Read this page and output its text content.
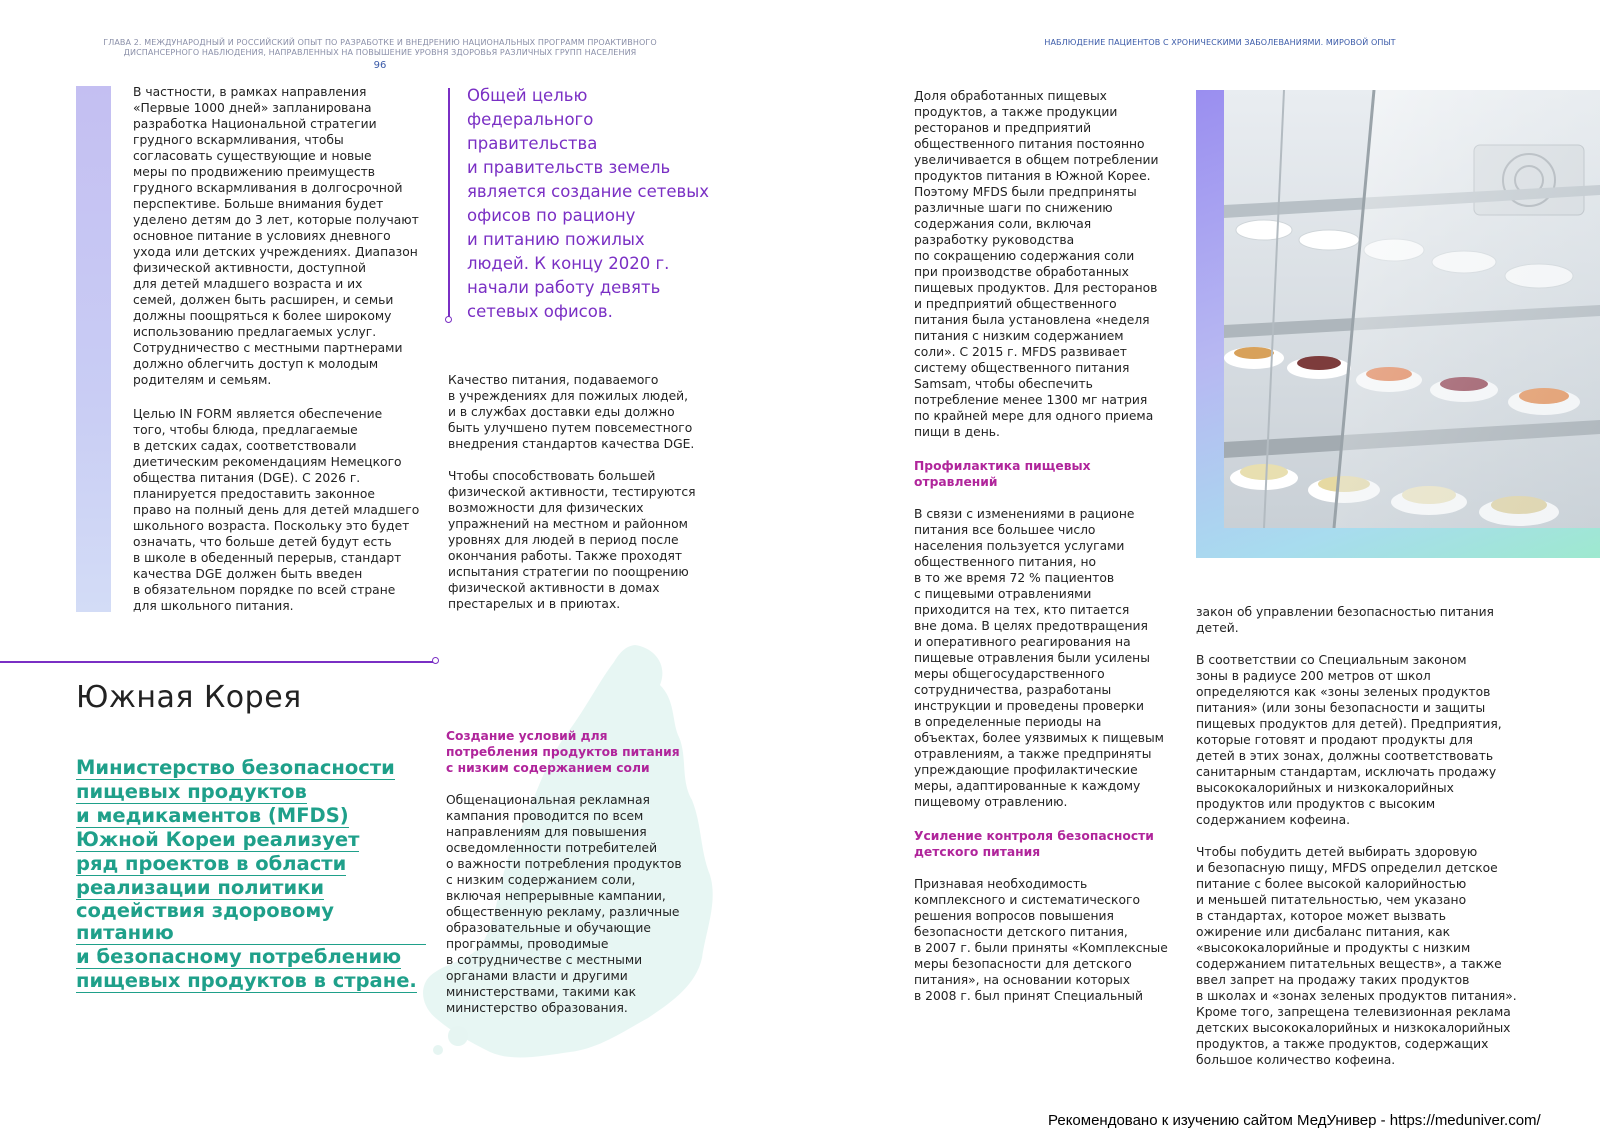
ГЛАВА 2. МЕЖДУНАРОДНЫЙ И РОССИЙСКИЙ ОПЫТ ПО РАЗРАБОТКЕ И ВНЕДРЕНИЮ НАЦИОНАЛЬНЫХ ПРОГРАММ ПРОАКТИВНОГО ДИСПАНСЕРНОГО НАБЛЮДЕНИЯ, НАПРАВЛЕННЫХ НА ПОВЫШЕНИЕ УРОВНЯ ЗДОРОВЬЯ РАЗЛИЧНЫХ ГРУПП НАСЕЛЕНИЯ
96

В частности, в рамках направления
«Первые 1000 дней» запланирована
разработка Национальной стратегии
грудного вскармливания, чтобы
согласовать существующие и новые
меры по продвижению преимуществ
грудного вскармливания в долгосрочной
перспективе. Больше внимания будет
уделено детям до 3 лет, которые получают
основное питание в условиях дневного
ухода или детских учреждениях. Диапазон
физической активности, доступной
для детей младшего возраста и их
семей, должен быть расширен, и семьи
должны поощряться к более широкому
использованию предлагаемых услуг.
Сотрудничество с местными партнерами
должно облегчить доступ к молодым
родителям и семьям.

Целью IN FORM является обеспечение
того, чтобы блюда, предлагаемые
в детских садах, соответствовали
диетическим рекомендациям Немецкого
общества питания (DGE). С 2026 г.
планируется предоставить законное
право на полный день для детей младшего
школьного возраста. Поскольку это будет
означать, что больше детей будут есть
в школе в обеденный перерыв, стандарт
качества DGE должен быть введен
в обязательном порядке по всей стране
для школьного питания.

Общей целью
федерального
правительства
и правительств земель
является создание сетевых
офисов по рациону
и питанию пожилых
людей. К концу 2020 г.
начали работу девять
сетевых офисов.

Качество питания, подаваемого
в учреждениях для пожилых людей,
и в службах доставки еды должно
быть улучшено путем повсеместного
внедрения стандартов качества DGE.

Чтобы способствовать большей
физической активности, тестируются
возможности для физических
упражнений на местном и районном
уровнях для людей в период после
окончания работы. Также проходят
испытания стратегии по поощрению
физической активности в домах
престарелых и в приютах.

Южная Корея

Министерство безопасности

пищевых продуктов

и медикаментов (MFDS)

Южной Кореи реализует

ряд проектов в области

реализации политики

содействия здоровому питанию

и безопасному потреблению

пищевых продуктов в стране.

Создание условий для
потребления продуктов питания
с низким содержанием соли

Общенациональная рекламная
кампания проводится по всем
направлениям для повышения
осведомленности потребителей
о важности потребления продуктов
с низким содержанием соли,
включая непрерывные кампании,
общественную рекламу, различные
образовательные и обучающие
программы, проводимые
в сотрудничестве с местными
органами власти и другими
министерствами, такими как
министерство образования.

НАБЛЮДЕНИЕ ПАЦИЕНТОВ С ХРОНИЧЕСКИМИ ЗАБОЛЕВАНИЯМИ. МИРОВОЙ ОПЫТ

Доля обработанных пищевых
продуктов, а также продукции
ресторанов и предприятий
общественного питания постоянно
увеличивается в общем потреблении
продуктов питания в Южной Корее.
Поэтому MFDS были предприняты
различные шаги по снижению
содержания соли, включая
разработку руководства
по сокращению содержания соли
при производстве обработанных
пищевых продуктов. Для ресторанов
и предприятий общественного
питания была установлена «неделя
питания с низким содержанием
соли». С 2015 г. MFDS развивает
систему общественного питания
Samsam, чтобы обеспечить
потребление менее 1300 мг натрия
по крайней мере для одного приема
пищи в день.

Профилактика пищевых
отравлений

В связи с изменениями в рационе
питания все большее число
населения пользуется услугами
общественного питания, но
в то же время 72 % пациентов
с пищевыми отравлениями
приходится на тех, кто питается
вне дома. В целях предотвращения
и оперативного реагирования на
пищевые отравления были усилены
меры общегосударственного
сотрудничества, разработаны
инструкции и проведены проверки
в определенные периоды на
объектах, более уязвимых к пищевым
отравлениям, а также предприняты
упреждающие профилактические
меры, адаптированные к каждому
пищевому отравлению.

Усиление контроля безопасности
детского питания

Признавая необходимость
комплексного и систематического
решения вопросов повышения
безопасности детского питания,
в 2007 г. были приняты «Комплексные
меры безопасности для детского
питания», на основании которых
в 2008 г. был принят Специальный

закон об управлении безопасностью питания
детей.

В соответствии со Специальным законом
зоны в радиусе 200 метров от школ
определяются как «зоны зеленых продуктов
питания» (или зоны безопасности и защиты
пищевых продуктов для детей). Предприятия,
которые готовят и продают продукты для
детей в этих зонах, должны соответствовать
санитарным стандартам, исключать продажу
высококалорийных и низкокалорийных
продуктов или продуктов с высоким
содержанием кофеина.

Чтобы побудить детей выбирать здоровую
и безопасную пищу, MFDS определил детское
питание с более высокой калорийностью
и меньшей питательностью, чем указано
в стандартах, которое может вызвать
ожирение или дисбаланс питания, как
«высококалорийные и продукты с низким
содержанием питательных веществ», а также
ввел запрет на продажу таких продуктов
в школах и «зонах зеленых продуктов питания».
Кроме того, запрещена телевизионная реклама
детских высококалорийных и низкокалорийных
продуктов, а также продуктов, содержащих
большое количество кофеина.

Рекомендовано к изучению сайтом МедУнивер - https://meduniver.com/
